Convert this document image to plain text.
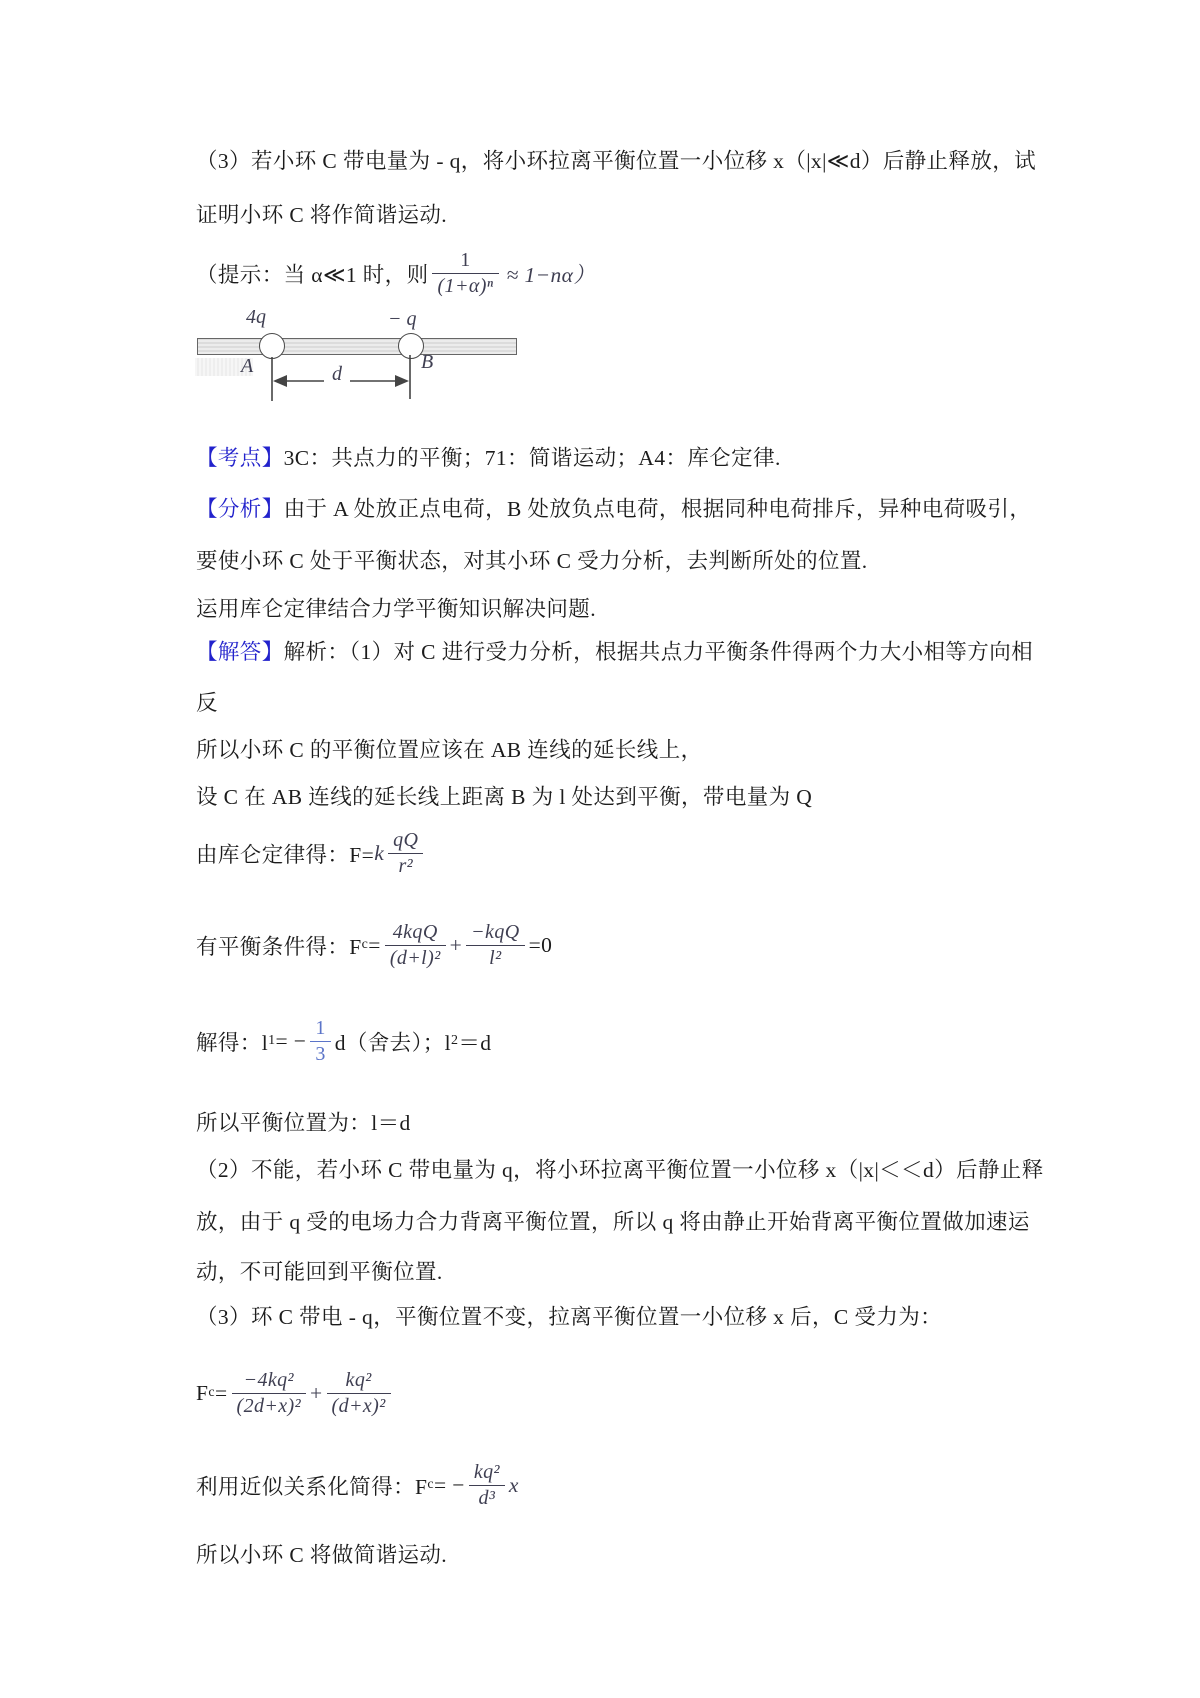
（3）若小环 C 带电量为 - q，将小环拉离平衡位置一小位移 x（|x|≪d）后静止释放，试
证明小环 C 将作简谐运动.
（提示：当 α≪1 时，则 $\frac{1}{\text{(1+α)ⁿ}} \approx 1-n\alpha$）
4q	− q
A	B
d
【考点】3C：共点力的平衡；71：简谐运动；A4：库仑定律.
【分析】由于 A 处放正点电荷，B 处放负点电荷，根据同种电荷排斥，异种电荷吸引，
要使小环 C 处于平衡状态，对其小环 C 受力分析，去判断所处的位置.
运用库仑定律结合力学平衡知识解决问题.
【解答】解析：（1）对 C 进行受力分析，根据共点力平衡条件得两个力大小相等方向相
反
所以小环 C 的平衡位置应该在 AB 连线的延长线上，
设 C 在 AB 连线的延长线上距离 B 为 l 处达到平衡，带电量为 Q
由库仑定律得：F= k $\frac{qQ}{\text{r²}}$
有平衡条件得：F $c = \frac{\text{4kqQ}}{\text{(d+l)²}} + \frac{\text{−kqQ}}{\text{l²}} =0$
解得：l 1 = − $\frac{1}{3} d$（舍去）；l 2 ＝d
所以平衡位置为：l＝d
（2）不能，若小环 C 带电量为 q，将小环拉离平衡位置一小位移 x（|x|＜＜d）后静止释
放，由于 q 受的电场力合力背离平衡位置，所以 q 将由静止开始背离平衡位置做加速运
动，不可能回到平衡位置.
（3）环 C 带电 - q，平衡位置不变，拉离平衡位置一小位移 x 后，C 受力为：
F $c = \frac{\text{−4kq²}}{\text{(2d+x)²}} + \frac{\text{kq²}}{\text{(d+x)²}}$
利用近似关系化简得：F c = − $\frac{\text{kq²}}{\text{d³}}$ x
所以小环 C 将做简谐运动.
